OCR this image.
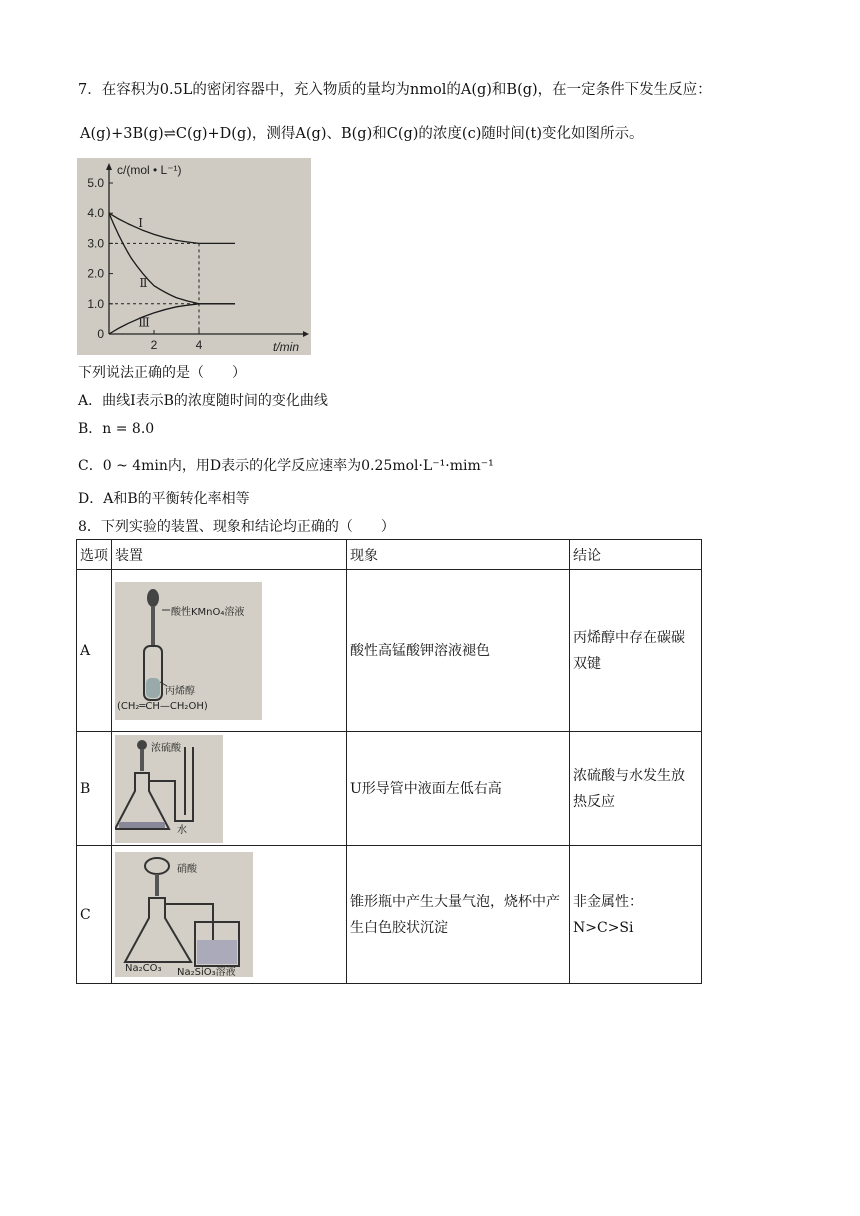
7．在容积为0.5L的密闭容器中，充入物质的量均为nmol的A(g)和B(g)，在一定条件下发生反应：
A(g)+3B(g)⇌C(g)+D(g)，测得A(g)、B(g)和C(g)的浓度(c)随时间(t)变化如图所示。
5.0
4.0
3.0
2.0
1.0
0
2	4
c/(mol • L⁻¹)
t/min
Ⅰ
Ⅱ
Ⅲ
下列说法正确的是（　　）
A．曲线Ⅰ表示B的浓度随时间的变化曲线
B．n = 8.0
C．0 ~ 4min内，用D表示的化学反应速率为0.25mol·L⁻¹·mim⁻¹
D．A和B的平衡转化率相等
8．下列实验的装置、现象和结论均正确的（　　）
选项	装置	现象	结论
A	酸性KMnO₄溶液
丙烯醇
(CH₂═CH—CH₂OH)	酸性高锰酸钾溶液褪色	丙烯醇中存在碳碳双键
B	浓硫酸
水	U形导管中液面左低右高	浓硫酸与水发生放热反应
C	硝酸
Na₂CO₃ Na₂SiO₃溶液	锥形瓶中产生大量气泡，烧杯中产生白色胶状沉淀	非金属性：N>C>Si
